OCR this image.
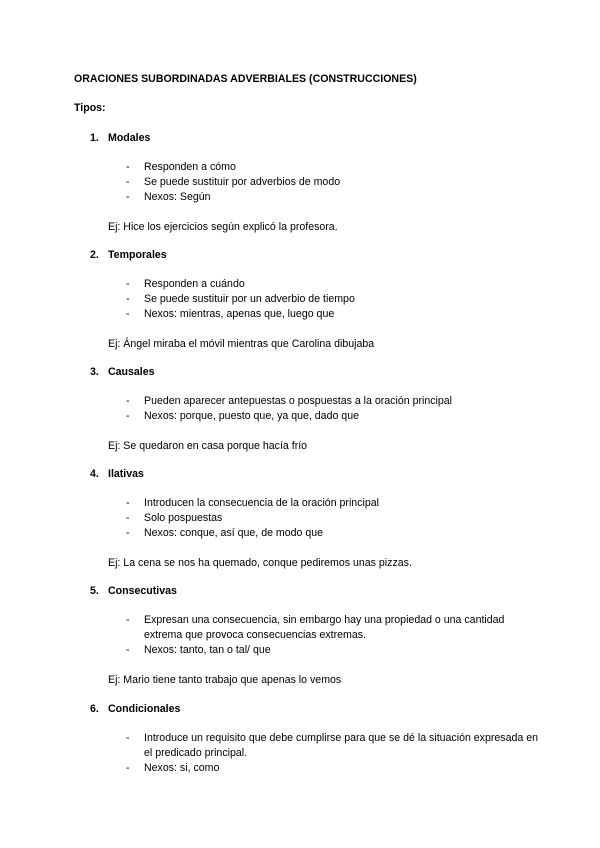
ORACIONES SUBORDINADAS ADVERBIALES (CONSTRUCCIONES)
Tipos:
1. Modales
- Responden a cómo
- Se puede sustituir por adverbios de modo
- Nexos: Según
Ej: Hice los ejercicios según explicó la profesora.
2. Temporales
- Responden a cuándo
- Se puede sustituir por un adverbio de tiempo
- Nexos: mientras, apenas que, luego que
Ej: Ángel miraba el móvil mientras que Carolina dibujaba
3. Causales
- Pueden aparecer antepuestas o pospuestas a la oración principal
- Nexos: porque, puesto que, ya que, dado que
Ej: Se quedaron en casa porque hacía frío
4. Ilativas
- Introducen la consecuencia de la oración principal
- Solo pospuestas
- Nexos: conque, así que, de modo que
Ej: La cena se nos ha quemado, conque pediremos unas pizzas.
5. Consecutivas
- Expresan una consecuencia, sin embargo hay una propiedad o una cantidad extrema que provoca consecuencias extremas.
- Nexos: tanto, tan o tal/ que
Ej: Mario tiene tanto trabajo que apenas lo vemos
6. Condicionales
- Introduce un requisito que debe cumplirse para que se dé la situación expresada en el predicado principal.
- Nexos: si, como
